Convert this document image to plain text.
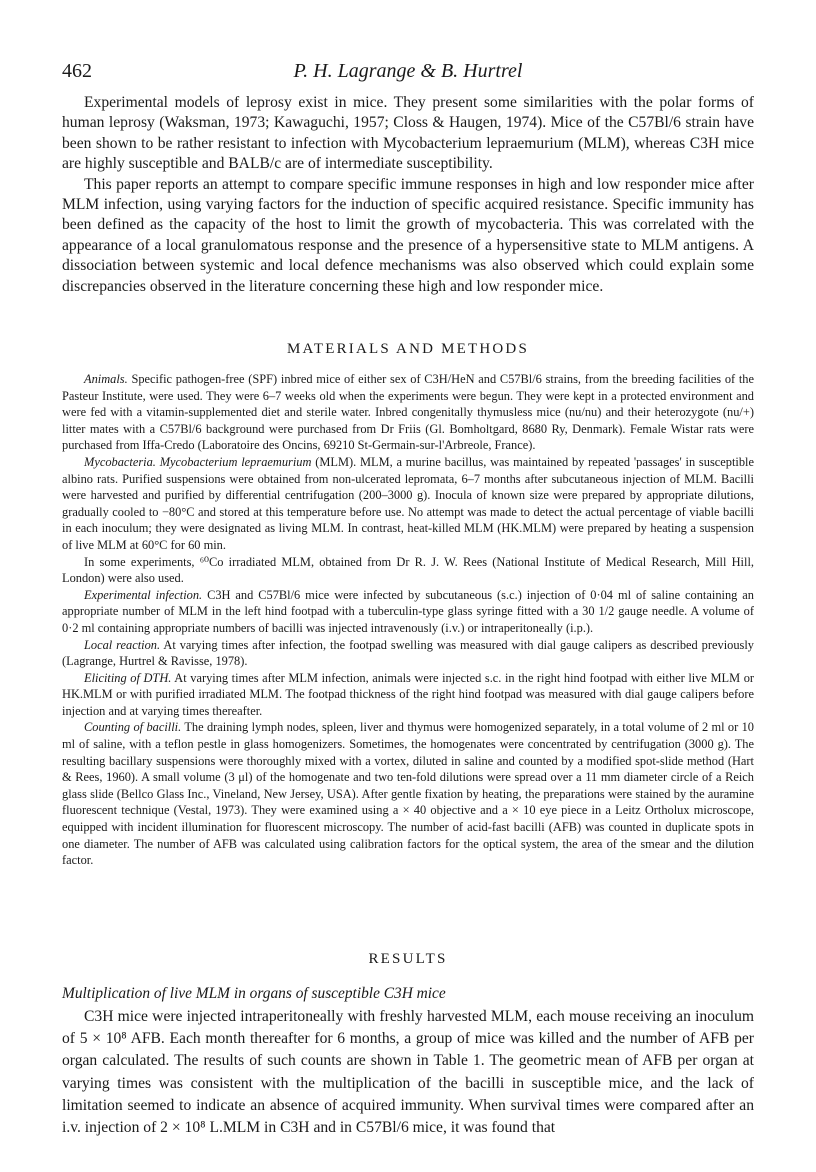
462	P. H. Lagrange & B. Hurtrel

Experimental models of leprosy exist in mice. They present some similarities with the polar forms of human leprosy (Waksman, 1973; Kawaguchi, 1957; Closs & Haugen, 1974). Mice of the C57Bl/6 strain have been shown to be rather resistant to infection with Mycobacterium lepraemurium (MLM), whereas C3H mice are highly susceptible and BALB/c are of intermediate susceptibility.

This paper reports an attempt to compare specific immune responses in high and low responder mice after MLM infection, using varying factors for the induction of specific acquired resistance. Specific immunity has been defined as the capacity of the host to limit the growth of mycobacteria. This was correlated with the appearance of a local granulomatous response and the presence of a hypersensitive state to MLM antigens. A dissociation between systemic and local defence mechanisms was also observed which could explain some discrepancies observed in the literature concerning these high and low responder mice.

MATERIALS AND METHODS

Animals. Specific pathogen-free (SPF) inbred mice of either sex of C3H/HeN and C57Bl/6 strains, from the breeding facilities of the Pasteur Institute, were used. They were 6–7 weeks old when the experiments were begun. They were kept in a protected environment and were fed with a vitamin-supplemented diet and sterile water. Inbred congenitally thymusless mice (nu/nu) and their heterozygote (nu/+) litter mates with a C57Bl/6 background were purchased from Dr Friis (Gl. Bomholtgard, 8680 Ry, Denmark). Female Wistar rats were purchased from Iffa-Credo (Laboratoire des Oncins, 69210 St-Germain-sur-l'Arbreole, France).

Mycobacteria. Mycobacterium lepraemurium (MLM). MLM, a murine bacillus, was maintained by repeated 'passages' in susceptible albino rats. Purified suspensions were obtained from non-ulcerated lepromata, 6–7 months after subcutaneous injection of MLM. Bacilli were harvested and purified by differential centrifugation (200–3000 g). Inocula of known size were prepared by appropriate dilutions, gradually cooled to −80°C and stored at this temperature before use. No attempt was made to detect the actual percentage of viable bacilli in each inoculum; they were designated as living MLM. In contrast, heat-killed MLM (HK.MLM) were prepared by heating a suspension of live MLM at 60°C for 60 min.

In some experiments, ⁶⁰Co irradiated MLM, obtained from Dr R. J. W. Rees (National Institute of Medical Research, Mill Hill, London) were also used.

Experimental infection. C3H and C57Bl/6 mice were infected by subcutaneous (s.c.) injection of 0·04 ml of saline containing an appropriate number of MLM in the left hind footpad with a tuberculin-type glass syringe fitted with a 30 1/2 gauge needle. A volume of 0·2 ml containing appropriate numbers of bacilli was injected intravenously (i.v.) or intraperitoneally (i.p.).

Local reaction. At varying times after infection, the footpad swelling was measured with dial gauge calipers as described previously (Lagrange, Hurtrel & Ravisse, 1978).

Eliciting of DTH. At varying times after MLM infection, animals were injected s.c. in the right hind footpad with either live MLM or HK.MLM or with purified irradiated MLM. The footpad thickness of the right hind footpad was measured with dial gauge calipers before injection and at varying times thereafter.

Counting of bacilli. The draining lymph nodes, spleen, liver and thymus were homogenized separately, in a total volume of 2 ml or 10 ml of saline, with a teflon pestle in glass homogenizers. Sometimes, the homogenates were concentrated by centrifugation (3000 g). The resulting bacillary suspensions were thoroughly mixed with a vortex, diluted in saline and counted by a modified spot-slide method (Hart & Rees, 1960). A small volume (3 μl) of the homogenate and two ten-fold dilutions were spread over a 11 mm diameter circle of a Reich glass slide (Bellco Glass Inc., Vineland, New Jersey, USA). After gentle fixation by heating, the preparations were stained by the auramine fluorescent technique (Vestal, 1973). They were examined using a × 40 objective and a × 10 eye piece in a Leitz Ortholux microscope, equipped with incident illumination for fluorescent microscopy. The number of acid-fast bacilli (AFB) was counted in duplicate spots in one diameter. The number of AFB was calculated using calibration factors for the optical system, the area of the smear and the dilution factor.

RESULTS
Multiplication of live MLM in organs of susceptible C3H mice

C3H mice were injected intraperitoneally with freshly harvested MLM, each mouse receiving an inoculum of 5 × 10⁸ AFB. Each month thereafter for 6 months, a group of mice was killed and the number of AFB per organ calculated. The results of such counts are shown in Table 1. The geometric mean of AFB per organ at varying times was consistent with the multiplication of the bacilli in susceptible mice, and the lack of limitation seemed to indicate an absence of acquired immunity. When survival times were compared after an i.v. injection of 2 × 10⁸ L.MLM in C3H and in C57Bl/6 mice, it was found that
